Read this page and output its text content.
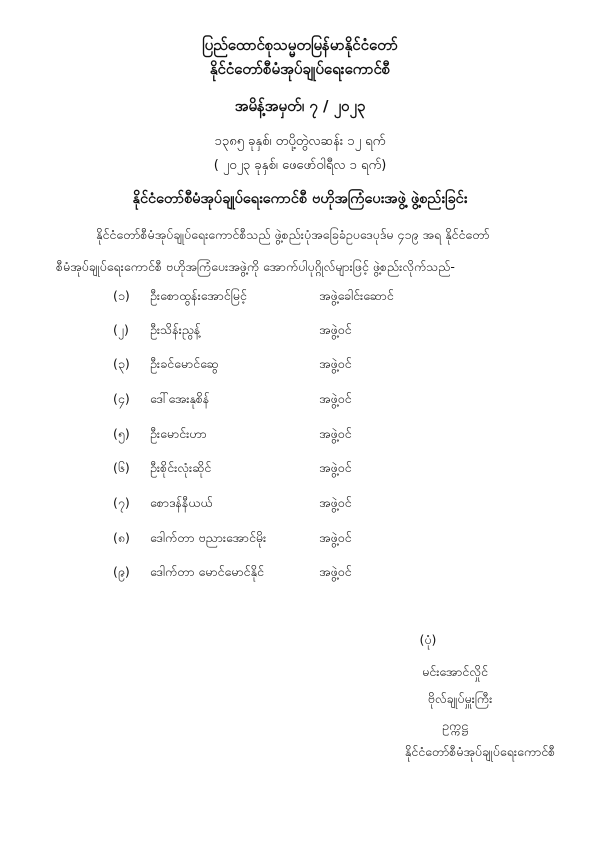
ပြည်ထောင်စုသမ္မတမြန်မာနိုင်ငံတော်
နိုင်ငံတော်စီမံအုပ်ချုပ်ရေးကောင်စီ
အမိန့်အမှတ်၊ ၇ / ၂၀၂၃
၁၃၈၅ ခုနှစ်၊ တပို့တွဲလဆန်း ၁၂ ရက်
( ၂၀၂၃ ခုနှစ်၊ ဖေဖော်ဝါရီလ ၁ ရက်)
နိုင်ငံတော်စီမံအုပ်ချုပ်ရေးကောင်စီ ဗဟိုအကြံပေးအဖွဲ့ ဖွဲ့စည်းခြင်း
နိုင်ငံတော်စီမံအုပ်ချုပ်ရေးကောင်စီသည် ဖွဲ့စည်းပုံအခြေခံဥပဒေပုဒ်မ ၄၁၉ အရ နိုင်ငံတော်
စီမံအုပ်ချုပ်ရေးကောင်စီ ဗဟိုအကြံပေးအဖွဲ့ကို အောက်ပါပုဂ္ဂိုလ်များဖြင့် ဖွဲ့စည်းလိုက်သည်-
(၁) ဦးစောထွန်းအောင်မြင့်	အဖွဲ့ခေါင်းဆောင်
(၂) ဦးသိန်းညွန့်	အဖွဲ့ဝင်
(၃) ဦးခင်မောင်ဆွေ	အဖွဲ့ဝင်
(၄) ဒေါ်အေးနုစိန်	အဖွဲ့ဝင်
(၅) ဦးမောင်းဟာ	အဖွဲ့ဝင်
(၆) ဦးစိုင်းလုံးဆိုင်	အဖွဲ့ဝင်
(၇) စောဒန်နီယယ်	အဖွဲ့ဝင်
(၈) ဒေါက်တာ ဗညားအောင်မိုး	အဖွဲ့ဝင်
(၉) ဒေါက်တာ မောင်မောင်နိုင်	အဖွဲ့ဝင်
(ပုံ)
မင်းအောင်လှိုင်
ဗိုလ်ချုပ်မှူးကြီး
ဥက္ကဋ္ဌ
နိုင်ငံတော်စီမံအုပ်ချုပ်ရေးကောင်စီ
